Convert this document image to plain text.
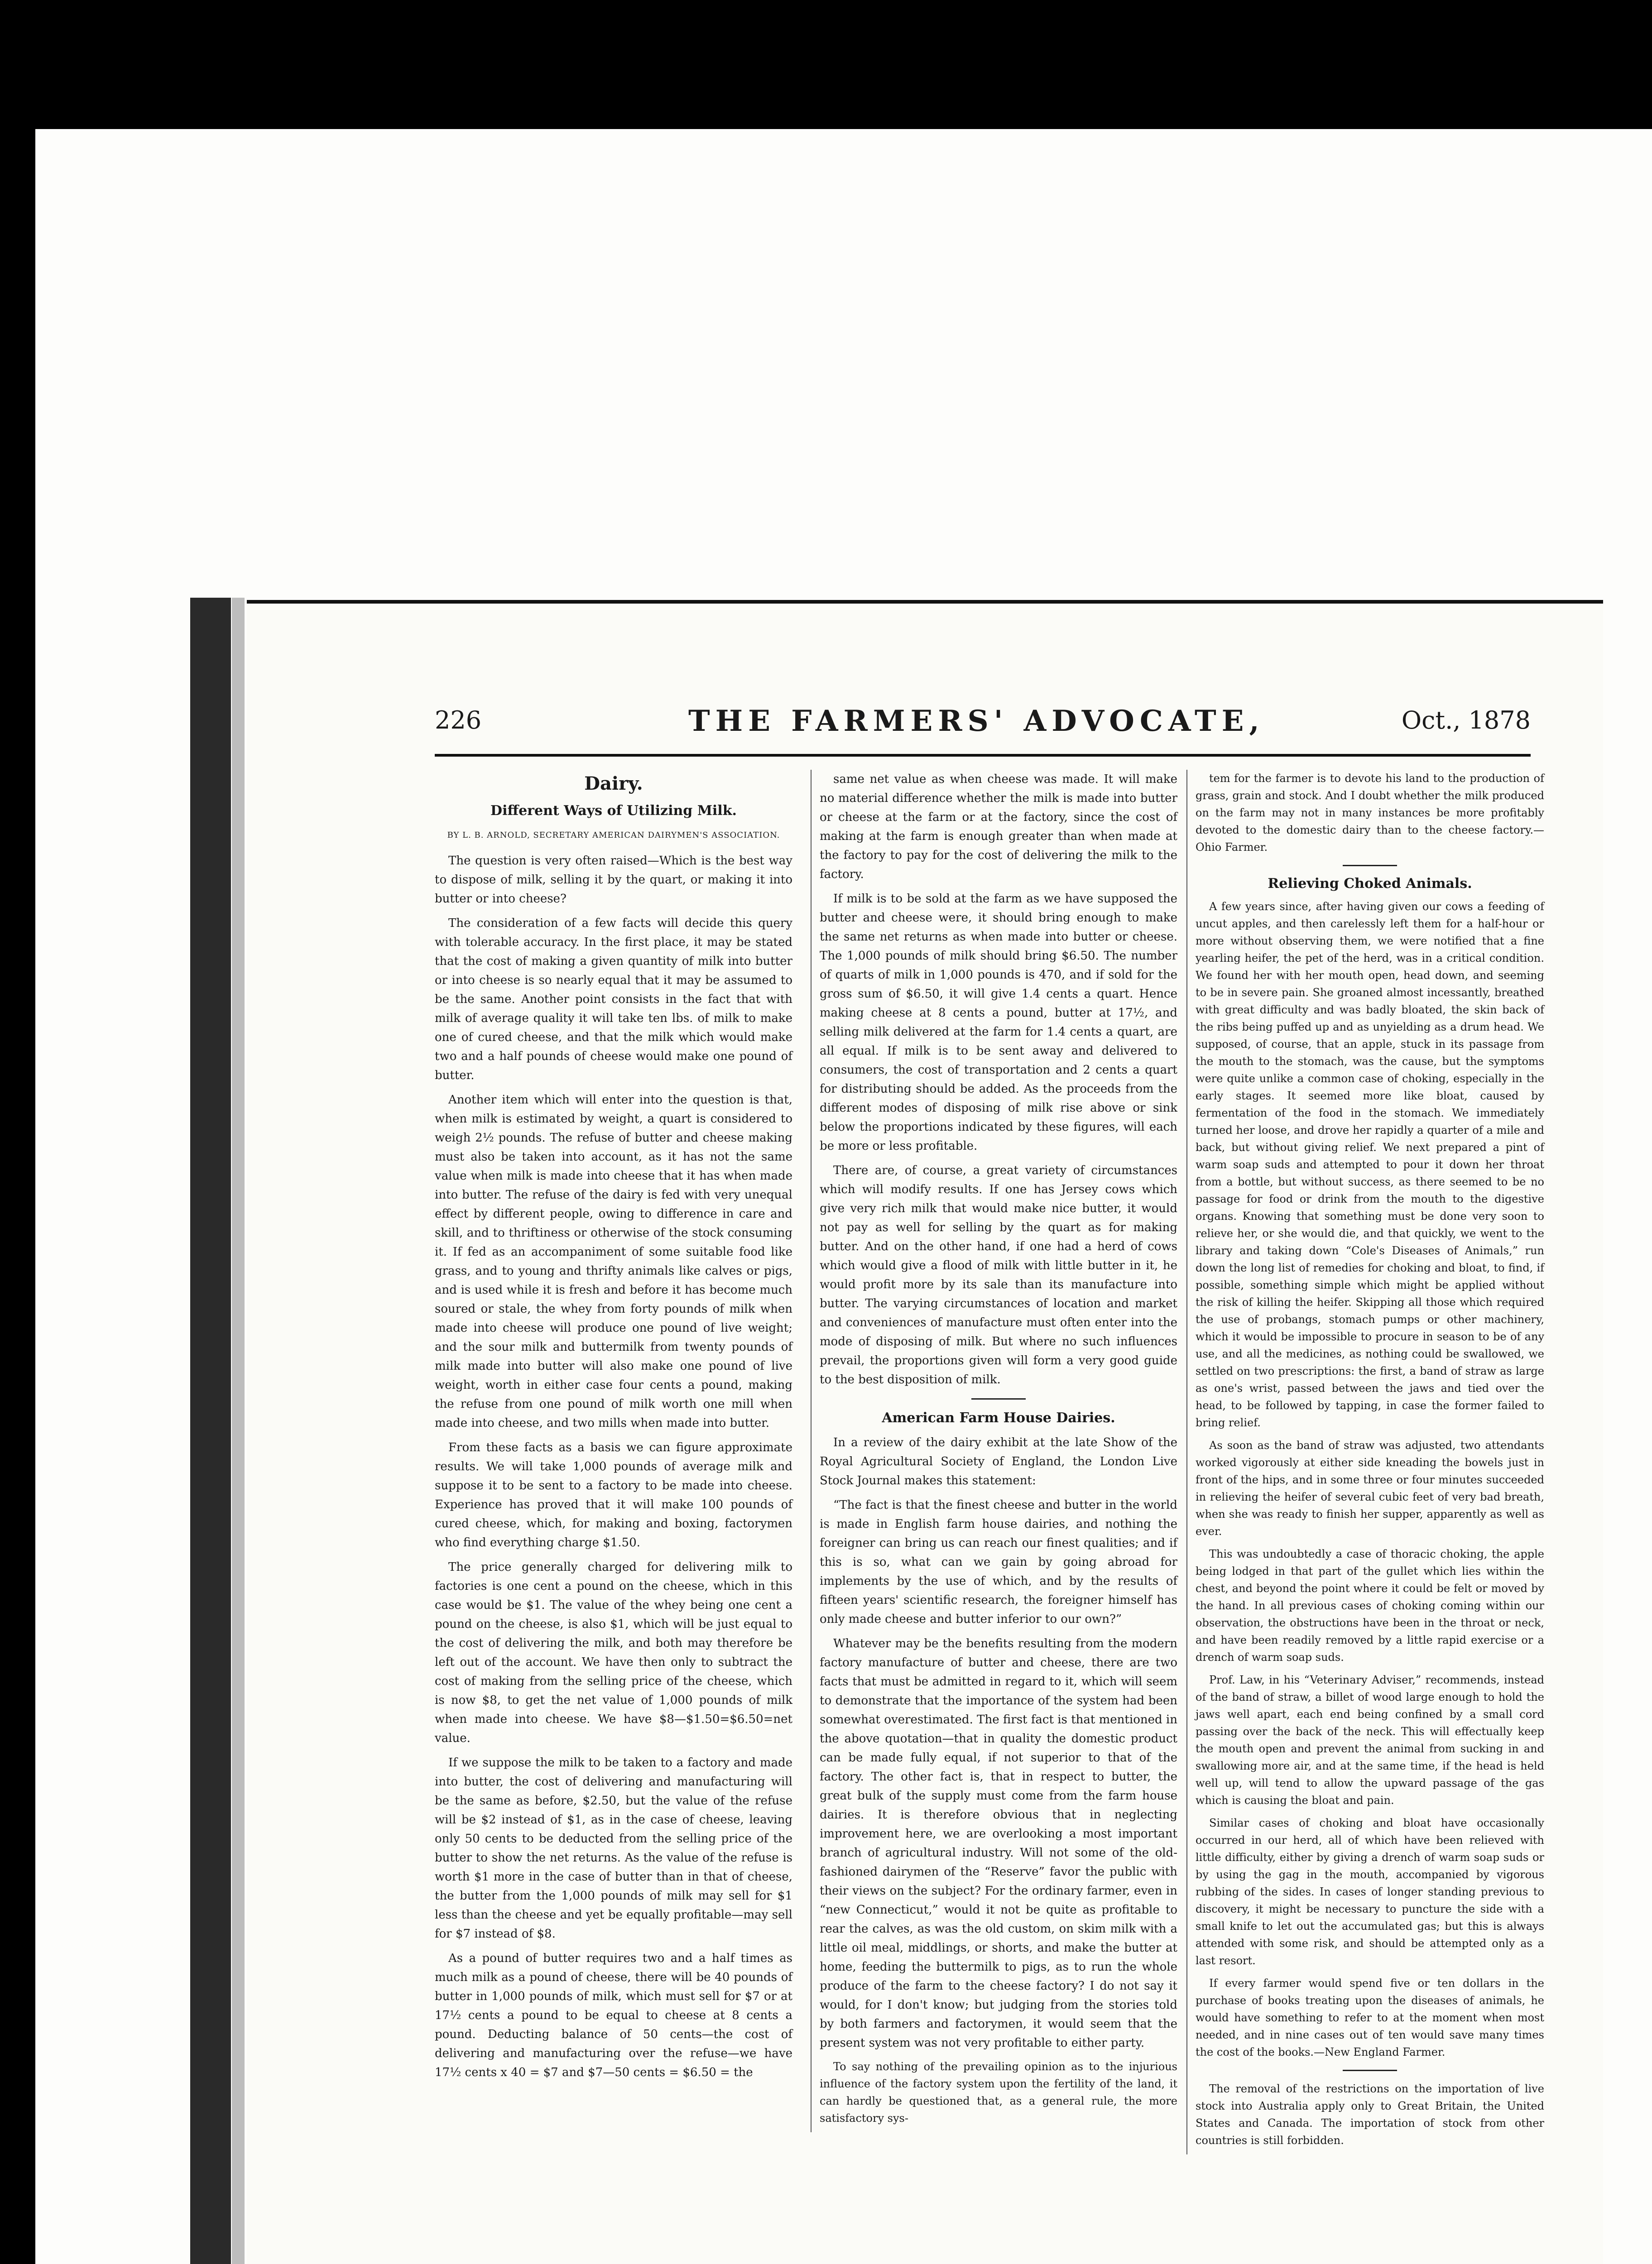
226	THE FARMERS' ADVOCATE,	Oct., 1878
Dairy.
Different Ways of Utilizing Milk.
BY L. B. ARNOLD, SECRETARY AMERICAN DAIRYMEN'S ASSOCIATION.

The question is very often raised—Which is the best way to dispose of milk, selling it by the quart, or making it into butter or into cheese?

The consideration of a few facts will decide this query with tolerable accuracy. In the first place, it may be stated that the cost of making a given quantity of milk into butter or into cheese is so nearly equal that it may be assumed to be the same. Another point consists in the fact that with milk of average quality it will take ten lbs. of milk to make one of cured cheese, and that the milk which would make two and a half pounds of cheese would make one pound of butter.

Another item which will enter into the question is that, when milk is estimated by weight, a quart is considered to weigh 2½ pounds. The refuse of butter and cheese making must also be taken into account, as it has not the same value when milk is made into cheese that it has when made into butter. The refuse of the dairy is fed with very unequal effect by different people, owing to difference in care and skill, and to thriftiness or otherwise of the stock consuming it. If fed as an accompaniment of some suitable food like grass, and to young and thrifty animals like calves or pigs, and is used while it is fresh and before it has become much soured or stale, the whey from forty pounds of milk when made into cheese will produce one pound of live weight; and the sour milk and buttermilk from twenty pounds of milk made into butter will also make one pound of live weight, worth in either case four cents a pound, making the refuse from one pound of milk worth one mill when made into cheese, and two mills when made into butter.

From these facts as a basis we can figure approximate results. We will take 1,000 pounds of average milk and suppose it to be sent to a factory to be made into cheese. Experience has proved that it will make 100 pounds of cured cheese, which, for making and boxing, factorymen who find everything charge $1.50.

The price generally charged for delivering milk to factories is one cent a pound on the cheese, which in this case would be $1. The value of the whey being one cent a pound on the cheese, is also $1, which will be just equal to the cost of delivering the milk, and both may therefore be left out of the account. We have then only to subtract the cost of making from the selling price of the cheese, which is now $8, to get the net value of 1,000 pounds of milk when made into cheese. We have $8—$1.50=$6.50=net value.

If we suppose the milk to be taken to a factory and made into butter, the cost of delivering and manufacturing will be the same as before, $2.50, but the value of the refuse will be $2 instead of $1, as in the case of cheese, leaving only 50 cents to be deducted from the selling price of the butter to show the net returns. As the value of the refuse is worth $1 more in the case of butter than in that of cheese, the butter from the 1,000 pounds of milk may sell for $1 less than the cheese and yet be equally profitable—may sell for $7 instead of $8.

As a pound of butter requires two and a half times as much milk as a pound of cheese, there will be 40 pounds of butter in 1,000 pounds of milk, which must sell for $7 or at 17½ cents a pound to be equal to cheese at 8 cents a pound. Deducting balance of 50 cents—the cost of delivering and manufacturing over the refuse—we have 17½ cents x 40 = $7 and $7—50 cents = $6.50 = the

same net value as when cheese was made. It will make no material difference whether the milk is made into butter or cheese at the farm or at the factory, since the cost of making at the farm is enough greater than when made at the factory to pay for the cost of delivering the milk to the factory.

If milk is to be sold at the farm as we have supposed the butter and cheese were, it should bring enough to make the same net returns as when made into butter or cheese. The 1,000 pounds of milk should bring $6.50. The number of quarts of milk in 1,000 pounds is 470, and if sold for the gross sum of $6.50, it will give 1.4 cents a quart. Hence making cheese at 8 cents a pound, butter at 17½, and selling milk delivered at the farm for 1.4 cents a quart, are all equal. If milk is to be sent away and delivered to consumers, the cost of transportation and 2 cents a quart for distributing should be added. As the proceeds from the different modes of disposing of milk rise above or sink below the proportions indicated by these figures, will each be more or less profitable.

There are, of course, a great variety of circumstances which will modify results. If one has Jersey cows which give very rich milk that would make nice butter, it would not pay as well for selling by the quart as for making butter. And on the other hand, if one had a herd of cows which would give a flood of milk with little butter in it, he would profit more by its sale than its manufacture into butter. The varying circumstances of location and market and conveniences of manufacture must often enter into the mode of disposing of milk. But where no such influences prevail, the proportions given will form a very good guide to the best disposition of milk.

American Farm House Dairies.

In a review of the dairy exhibit at the late Show of the Royal Agricultural Society of England, the London Live Stock Journal makes this statement:

“The fact is that the finest cheese and butter in the world is made in English farm house dairies, and nothing the foreigner can bring us can reach our finest qualities; and if this is so, what can we gain by going abroad for implements by the use of which, and by the results of fifteen years' scientific research, the foreigner himself has only made cheese and butter inferior to our own?”

Whatever may be the benefits resulting from the modern factory manufacture of butter and cheese, there are two facts that must be admitted in regard to it, which will seem to demonstrate that the importance of the system had been somewhat overestimated. The first fact is that mentioned in the above quotation—that in quality the domestic product can be made fully equal, if not superior to that of the factory. The other fact is, that in respect to butter, the great bulk of the supply must come from the farm house dairies. It is therefore obvious that in neglecting improvement here, we are overlooking a most important branch of agricultural industry. Will not some of the old-fashioned dairymen of the “Reserve” favor the public with their views on the subject? For the ordinary farmer, even in “new Connecticut,” would it not be quite as profitable to rear the calves, as was the old custom, on skim milk with a little oil meal, middlings, or shorts, and make the butter at home, feeding the buttermilk to pigs, as to run the whole produce of the farm to the cheese factory? I do not say it would, for I don't know; but judging from the stories told by both farmers and factorymen, it would seem that the present system was not very profitable to either party.

To say nothing of the prevailing opinion as to the injurious influence of the factory system upon the fertility of the land, it can hardly be questioned that, as a general rule, the more satisfactory sys-

tem for the farmer is to devote his land to the production of grass, grain and stock. And I doubt whether the milk produced on the farm may not in many instances be more profitably devoted to the domestic dairy than to the cheese factory.—Ohio Farmer.

Relieving Choked Animals.

A few years since, after having given our cows a feeding of uncut apples, and then carelessly left them for a half-hour or more without observing them, we were notified that a fine yearling heifer, the pet of the herd, was in a critical condition. We found her with her mouth open, head down, and seeming to be in severe pain. She groaned almost incessantly, breathed with great difficulty and was badly bloated, the skin back of the ribs being puffed up and as unyielding as a drum head. We supposed, of course, that an apple, stuck in its passage from the mouth to the stomach, was the cause, but the symptoms were quite unlike a common case of choking, especially in the early stages. It seemed more like bloat, caused by fermentation of the food in the stomach. We immediately turned her loose, and drove her rapidly a quarter of a mile and back, but without giving relief. We next prepared a pint of warm soap suds and attempted to pour it down her throat from a bottle, but without success, as there seemed to be no passage for food or drink from the mouth to the digestive organs. Knowing that something must be done very soon to relieve her, or she would die, and that quickly, we went to the library and taking down “Cole's Diseases of Animals,” run down the long list of remedies for choking and bloat, to find, if possible, something simple which might be applied without the risk of killing the heifer. Skipping all those which required the use of probangs, stomach pumps or other machinery, which it would be impossible to procure in season to be of any use, and all the medicines, as nothing could be swallowed, we settled on two prescriptions: the first, a band of straw as large as one's wrist, passed between the jaws and tied over the head, to be followed by tapping, in case the former failed to bring relief.

As soon as the band of straw was adjusted, two attendants worked vigorously at either side kneading the bowels just in front of the hips, and in some three or four minutes succeeded in relieving the heifer of several cubic feet of very bad breath, when she was ready to finish her supper, apparently as well as ever.

This was undoubtedly a case of thoracic choking, the apple being lodged in that part of the gullet which lies within the chest, and beyond the point where it could be felt or moved by the hand. In all previous cases of choking coming within our observation, the obstructions have been in the throat or neck, and have been readily removed by a little rapid exercise or a drench of warm soap suds.

Prof. Law, in his “Veterinary Adviser,” recommends, instead of the band of straw, a billet of wood large enough to hold the jaws well apart, each end being confined by a small cord passing over the back of the neck. This will effectually keep the mouth open and prevent the animal from sucking in and swallowing more air, and at the same time, if the head is held well up, will tend to allow the upward passage of the gas which is causing the bloat and pain.

Similar cases of choking and bloat have occasionally occurred in our herd, all of which have been relieved with little difficulty, either by giving a drench of warm soap suds or by using the gag in the mouth, accompanied by vigorous rubbing of the sides. In cases of longer standing previous to discovery, it might be necessary to puncture the side with a small knife to let out the accumulated gas; but this is always attended with some risk, and should be attempted only as a last resort.

If every farmer would spend five or ten dollars in the purchase of books treating upon the diseases of animals, he would have something to refer to at the moment when most needed, and in nine cases out of ten would save many times the cost of the books.—New England Farmer.

The removal of the restrictions on the importation of live stock into Australia apply only to Great Britain, the United States and Canada. The importation of stock from other countries is still forbidden.
